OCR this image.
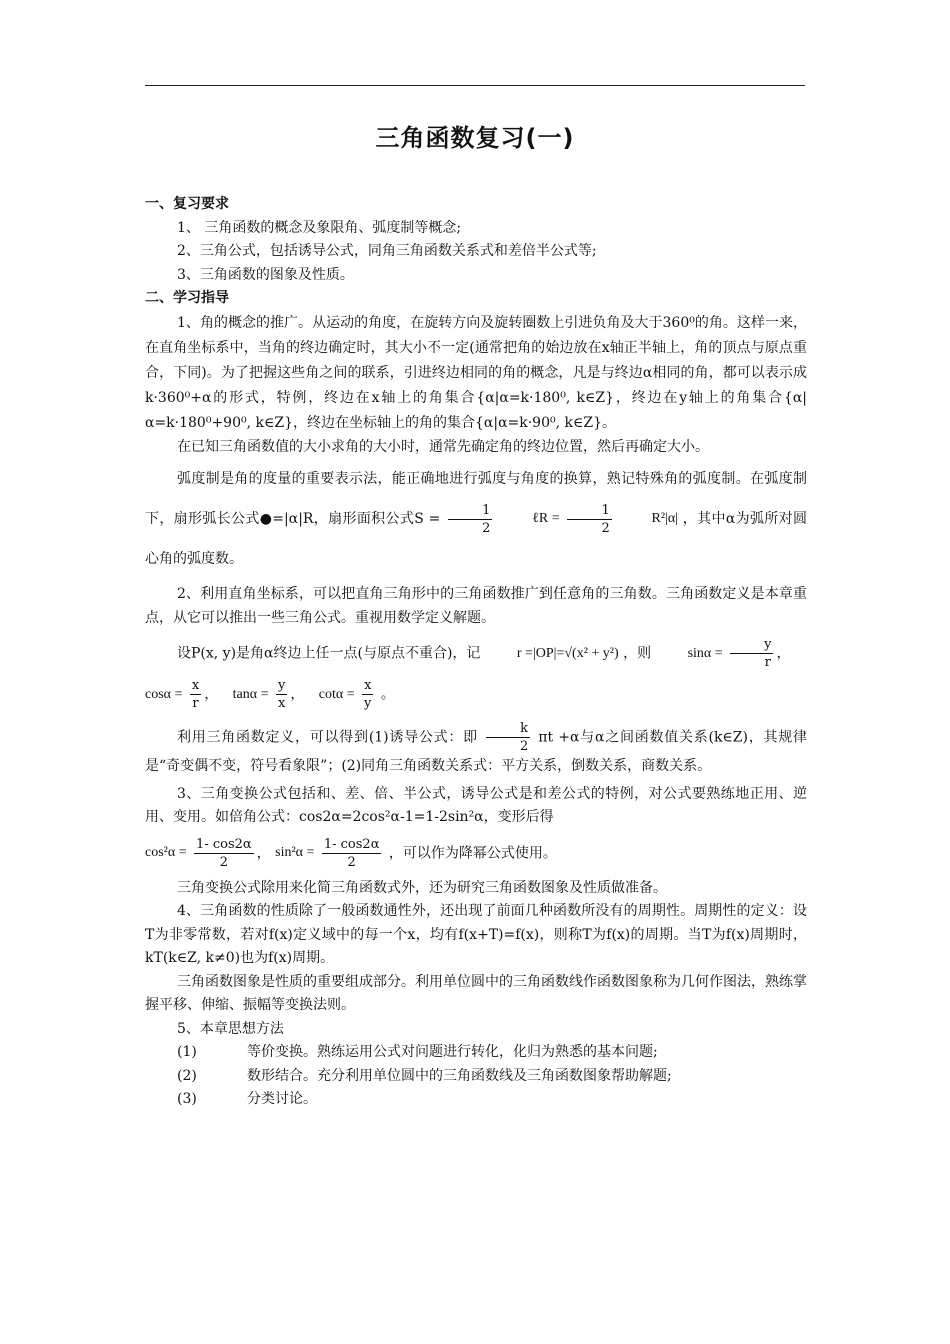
三角函数复习(一)

一、复习要求

1、 三角函数的概念及象限角、弧度制等概念;

2、三角公式，包括诱导公式，同角三角函数关系式和差倍半公式等;

3、三角函数的图象及性质。

二、学习指导

1、角的概念的推广。从运动的角度，在旋转方向及旋转圈数上引进负角及大于360⁰的角。这样一来，在直角坐标系中，当角的终边确定时，其大小不一定(通常把角的始边放在x轴正半轴上，角的顶点与原点重合，下同)。为了把握这些角之间的联系，引进终边相同的角的概念，凡是与终边α相同的角，都可以表示成k·360⁰+α的形式，特例，终边在x轴上的角集合{α|α=k·180⁰, k∈Z}，终边在y轴上的角集合{α|α=k·180⁰+90⁰, k∈Z}，终边在坐标轴上的角的集合{α|α=k·90⁰, k∈Z}。

在已知三角函数值的大小求角的大小时，通常先确定角的终边位置，然后再确定大小。

弧度制是角的度量的重要表示法，能正确地进行弧度与角度的换算，熟记特殊角的弧度制。在弧度制下，扇形弧长公式●=|α|R，扇形面积公式$S = \frac{1}{2}$	ℓR = $\frac{1}{2}$	R²|α| ，其中α为弧所对圆心角的弧度数。

2、利用直角坐标系，可以把直角三角形中的三角函数推广到任意角的三角数。三角函数定义是本章重点，从它可以推出一些三角公式。重视用数学定义解题。

设P(x, y)是角α终边上任一点(与原点不重合)，记	r =|OP|=√(x² + y²) ，则	$\sin\alpha = \frac{y}{r}$ ，

$\cos\alpha = \frac{x}{r}$ ， $\tan\alpha = \frac{y}{x}$ ， $\cot\alpha = \frac{x}{y}$ 。

利用三角函数定义，可以得到(1)诱导公式：即 $\frac{k}{2}$ πt +α与α之间函数值关系(k∈Z)，其规律是“奇变偶不变，符号看象限”；(2)同角三角函数关系式：平方关系，倒数关系，商数关系。

3、三角变换公式包括和、差、倍、半公式，诱导公式是和差公式的特例，对公式要熟练地正用、逆用、变用。如倍角公式：cos2α=2cos²α-1=1-2sin²α，变形后得

$\cos^2\alpha = \frac{1- \cos 2\alpha}{2}$ ， $\sin^2\alpha = \frac{1- \cos 2\alpha}{2}$ ，可以作为降幂公式使用。

三角变换公式除用来化简三角函数式外，还为研究三角函数图象及性质做准备。

4、三角函数的性质除了一般函数通性外，还出现了前面几种函数所没有的周期性。周期性的定义：设T为非零常数，若对f(x)定义域中的每一个x，均有f(x+T)=f(x)，则称T为f(x)的周期。当T为f(x)周期时，kT(k∈Z, k≠0)也为f(x)周期。

三角函数图象是性质的重要组成部分。利用单位圆中的三角函数线作函数图象称为几何作图法，熟练掌握平移、伸缩、振幅等变换法则。

5、本章思想方法

(1)	等价变换。熟练运用公式对问题进行转化，化归为熟悉的基本问题;

(2)	数形结合。充分利用单位圆中的三角函数线及三角函数图象帮助解题;

(3)	分类讨论。
